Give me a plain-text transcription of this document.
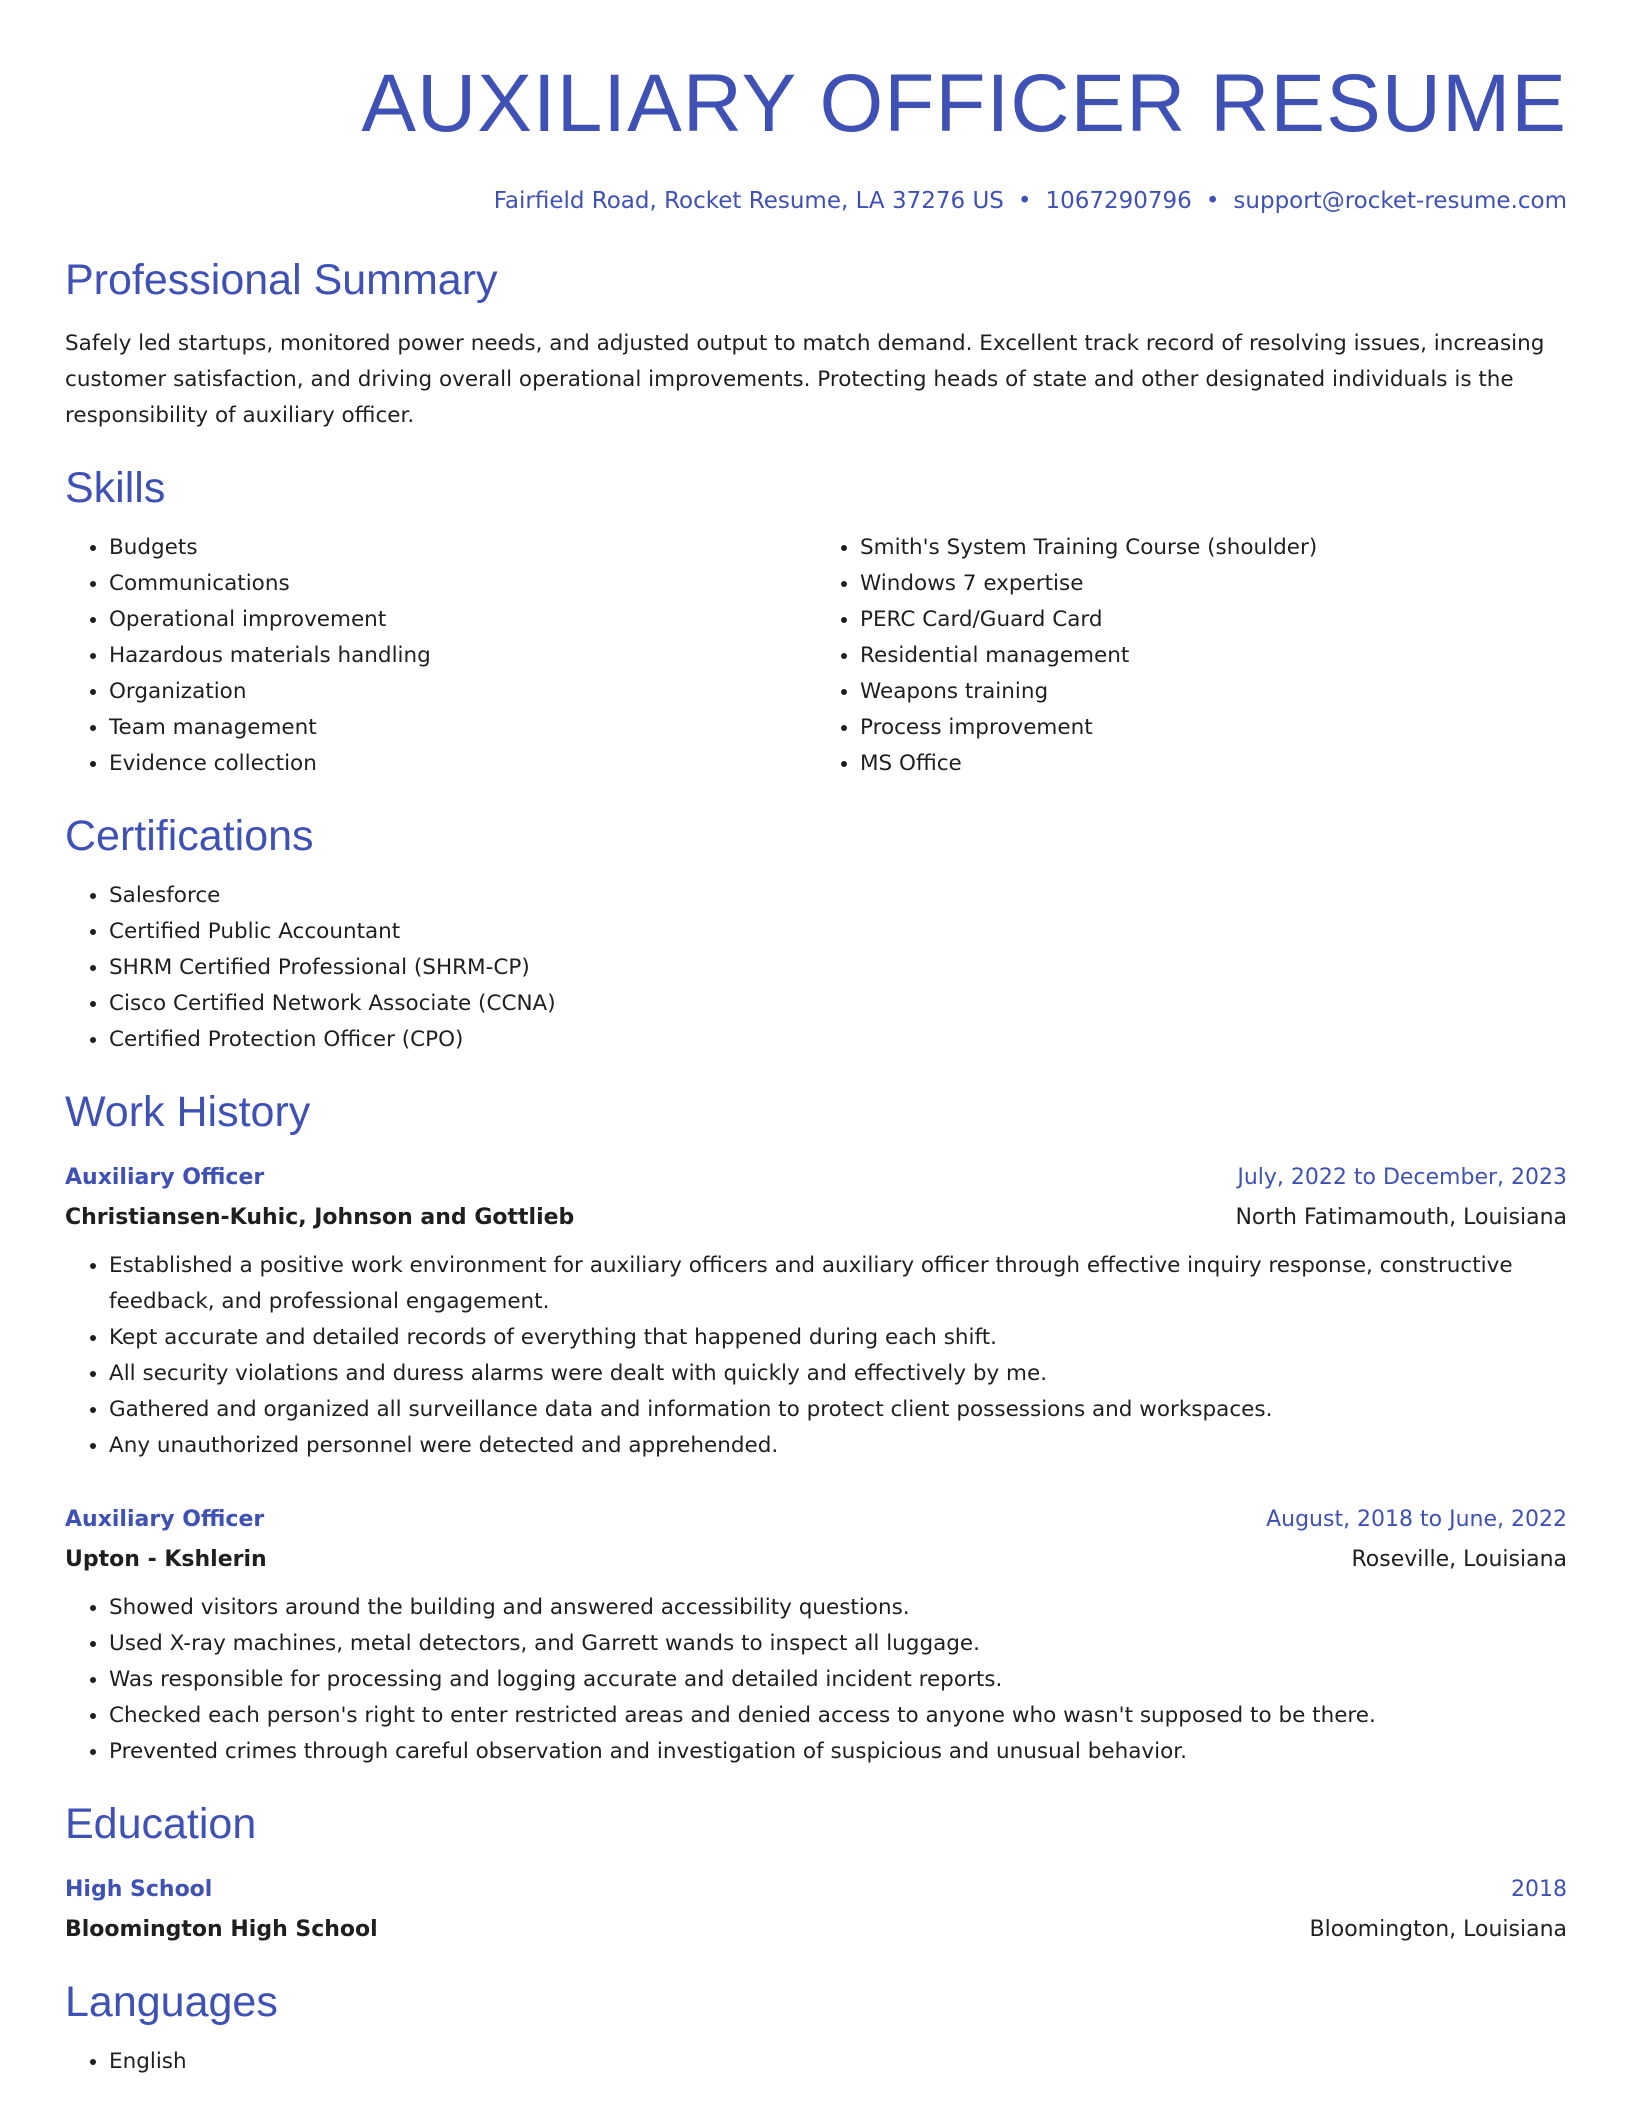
AUXILIARY OFFICER RESUME
Fairfield Road, Rocket Resume, LA 37276 US • 1067290796 • support@rocket-resume.com
Professional Summary
Safely led startups, monitored power needs, and adjusted output to match demand. Excellent track record of resolving issues, increasing customer satisfaction, and driving overall operational improvements. Protecting heads of state and other designated individuals is the responsibility of auxiliary officer.
Skills
• Budgets
• Communications
• Operational improvement
• Hazardous materials handling
• Organization
• Team management
• Evidence collection
• Smith's System Training Course (shoulder)
• Windows 7 expertise
• PERC Card/Guard Card
• Residential management
• Weapons training
• Process improvement
• MS Office
Certifications
• Salesforce
• Certified Public Accountant
• SHRM Certified Professional (SHRM-CP)
• Cisco Certified Network Associate (CCNA)
• Certified Protection Officer (CPO)
Work History
Auxiliary Officer	July, 2022 to December, 2023
Christiansen-Kuhic, Johnson and Gottlieb	North Fatimamouth, Louisiana
• Established a positive work environment for auxiliary officers and auxiliary officer through effective inquiry response, constructive feedback, and professional engagement.
• Kept accurate and detailed records of everything that happened during each shift.
• All security violations and duress alarms were dealt with quickly and effectively by me.
• Gathered and organized all surveillance data and information to protect client possessions and workspaces.
• Any unauthorized personnel were detected and apprehended.
Auxiliary Officer	August, 2018 to June, 2022
Upton - Kshlerin	Roseville, Louisiana
• Showed visitors around the building and answered accessibility questions.
• Used X-ray machines, metal detectors, and Garrett wands to inspect all luggage.
• Was responsible for processing and logging accurate and detailed incident reports.
• Checked each person's right to enter restricted areas and denied access to anyone who wasn't supposed to be there.
• Prevented crimes through careful observation and investigation of suspicious and unusual behavior.
Education
High School	2018
Bloomington High School	Bloomington, Louisiana
Languages
• English
